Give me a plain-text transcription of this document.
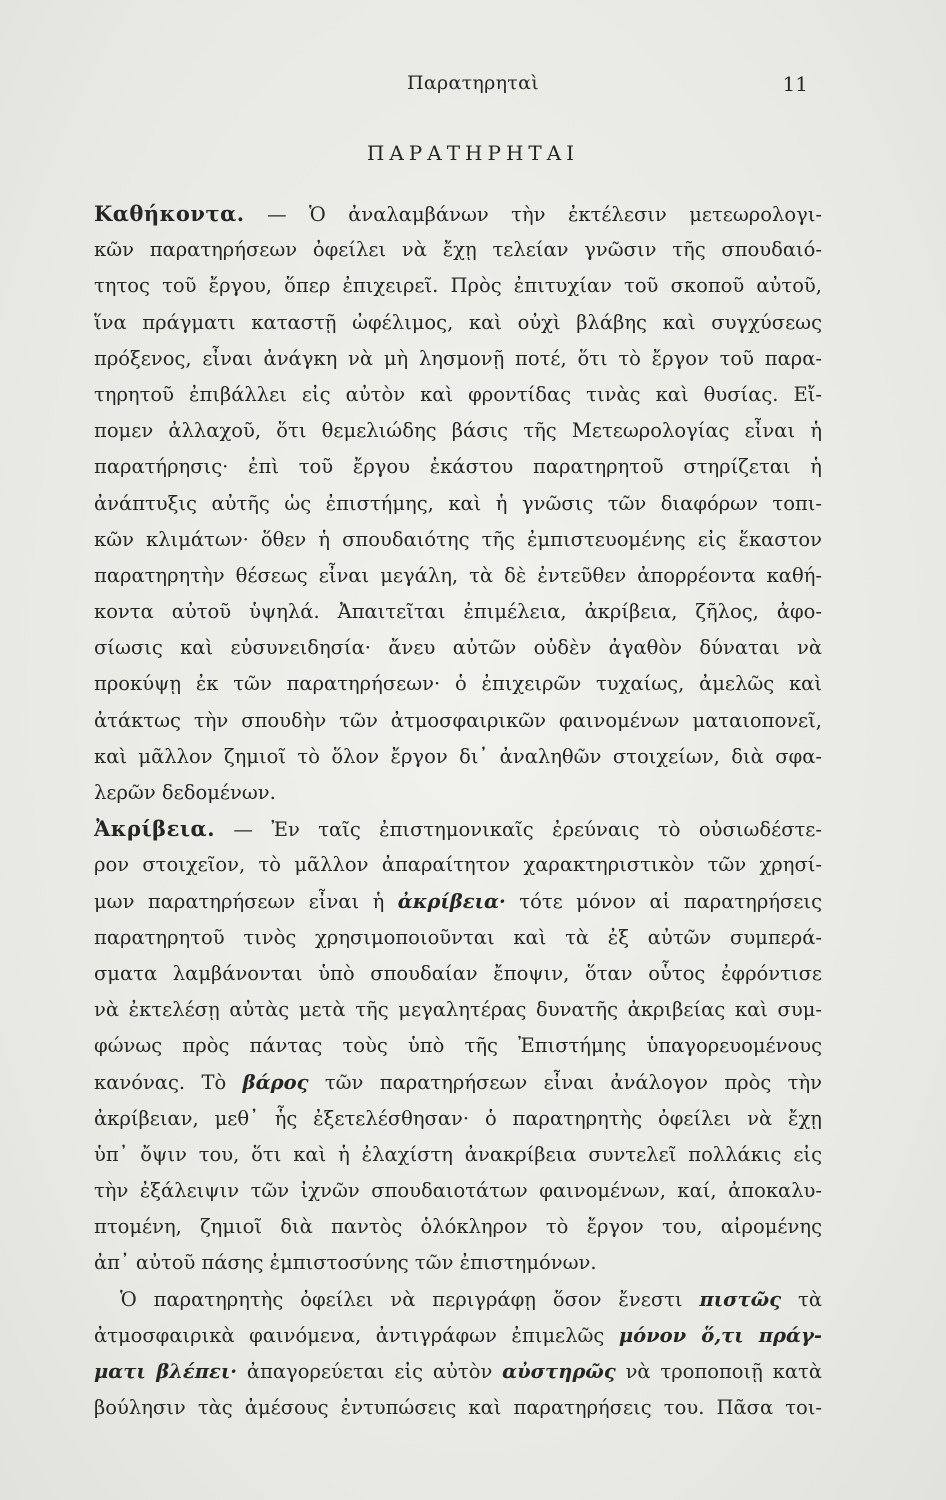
Παρατηρηταὶ	11
ΠΑΡΑΤΗΡΗΤΑΙ
Καθήκοντα. — Ὁ ἀναλαμβάνων τὴν ἐκτέλεσιν μετεωρολογι-
κῶν παρατηρήσεων ὀφείλει νὰ ἔχῃ τελείαν γνῶσιν τῆς σπουδαιό-
τητος τοῦ ἔργου, ὅπερ ἐπιχειρεῖ. Πρὸς ἐπιτυχίαν τοῦ σκοποῦ αὐτοῦ,
ἵνα πράγματι καταστῇ ὠφέλιμος, καὶ οὐχὶ βλάβης καὶ συγχύσεως
πρόξενος, εἶναι ἀνάγκη νὰ μὴ λησμονῇ ποτέ, ὅτι τὸ ἔργον τοῦ παρα-
τηρητοῦ ἐπιβάλλει εἰς αὐτὸν καὶ φροντίδας τινὰς καὶ θυσίας. Εἴ-
πομεν ἀλλαχοῦ, ὅτι θεμελιώδης βάσις τῆς Μετεωρολογίας εἶναι ἡ
παρατήρησις· ἐπὶ τοῦ ἔργου ἑκάστου παρατηρητοῦ στηρίζεται ἡ
ἀνάπτυξις αὐτῆς ὡς ἐπιστήμης, καὶ ἡ γνῶσις τῶν διαφόρων τοπι-
κῶν κλιμάτων· ὅθεν ἡ σπουδαιότης τῆς ἐμπιστευομένης εἰς ἕκαστον
παρατηρητὴν θέσεως εἶναι μεγάλη, τὰ δὲ ἐντεῦθεν ἀπορρέοντα καθή-
κοντα αὐτοῦ ὑψηλά. Ἀπαιτεῖται ἐπιμέλεια, ἀκρίβεια, ζῆλος, ἀφο-
σίωσις καὶ εὐσυνειδησία· ἄνευ αὐτῶν οὐδὲν ἀγαθὸν δύναται νὰ
προκύψῃ ἐκ τῶν παρατηρήσεων· ὁ ἐπιχειρῶν τυχαίως, ἀμελῶς καὶ
ἀτάκτως τὴν σπουδὴν τῶν ἀτμοσφαιρικῶν φαινομένων ματαιοπονεῖ,
καὶ μᾶλλον ζημιοῖ τὸ ὅλον ἔργον δι᾽ ἀναληθῶν στοιχείων, διὰ σφα-
λερῶν δεδομένων.
Ἀκρίβεια. — Ἐν ταῖς ἐπιστημονικαῖς ἐρεύναις τὸ οὐσιωδέστε-
ρον στοιχεῖον, τὸ μᾶλλον ἀπαραίτητον χαρακτηριστικὸν τῶν χρησί-
μων παρατηρήσεων εἶναι ἡ ἀκρίβεια· τότε μόνον αἱ παρατηρήσεις
παρατηρητοῦ τινὸς χρησιμοποιοῦνται καὶ τὰ ἐξ αὐτῶν συμπερά-
σματα λαμβάνονται ὑπὸ σπουδαίαν ἔποψιν, ὅταν οὗτος ἐφρόντισε
νὰ ἐκτελέσῃ αὐτὰς μετὰ τῆς μεγαλητέρας δυνατῆς ἀκριβείας καὶ συμ-
φώνως πρὸς πάντας τοὺς ὑπὸ τῆς Ἐπιστήμης ὑπαγορευομένους
κανόνας. Τὸ βάρος τῶν παρατηρήσεων εἶναι ἀνάλογον πρὸς τὴν
ἀκρίβειαν, μεθ᾽ ἧς ἐξετελέσθησαν· ὁ παρατηρητὴς ὀφείλει νὰ ἔχῃ
ὑπ᾽ ὄψιν του, ὅτι καὶ ἡ ἐλαχίστη ἀνακρίβεια συντελεῖ πολλάκις εἰς
τὴν ἐξάλειψιν τῶν ἰχνῶν σπουδαιοτάτων φαινομένων, καί, ἀποκαλυ-
πτομένη, ζημιοῖ διὰ παντὸς ὁλόκληρον τὸ ἔργον του, αἰρομένης
ἀπ᾽ αὐτοῦ πάσης ἐμπιστοσύνης τῶν ἐπιστημόνων.
Ὁ παρατηρητὴς ὀφείλει νὰ περιγράφῃ ὅσον ἔνεστι πιστῶς τὰ
ἀτμοσφαιρικὰ φαινόμενα, ἀντιγράφων ἐπιμελῶς μόνον ὅ,τι πράγ-
ματι βλέπει· ἀπαγορεύεται εἰς αὐτὸν αὐστηρῶς νὰ τροποποιῇ κατὰ
βούλησιν τὰς ἀμέσους ἐντυπώσεις καὶ παρατηρήσεις του. Πᾶσα τοι-
